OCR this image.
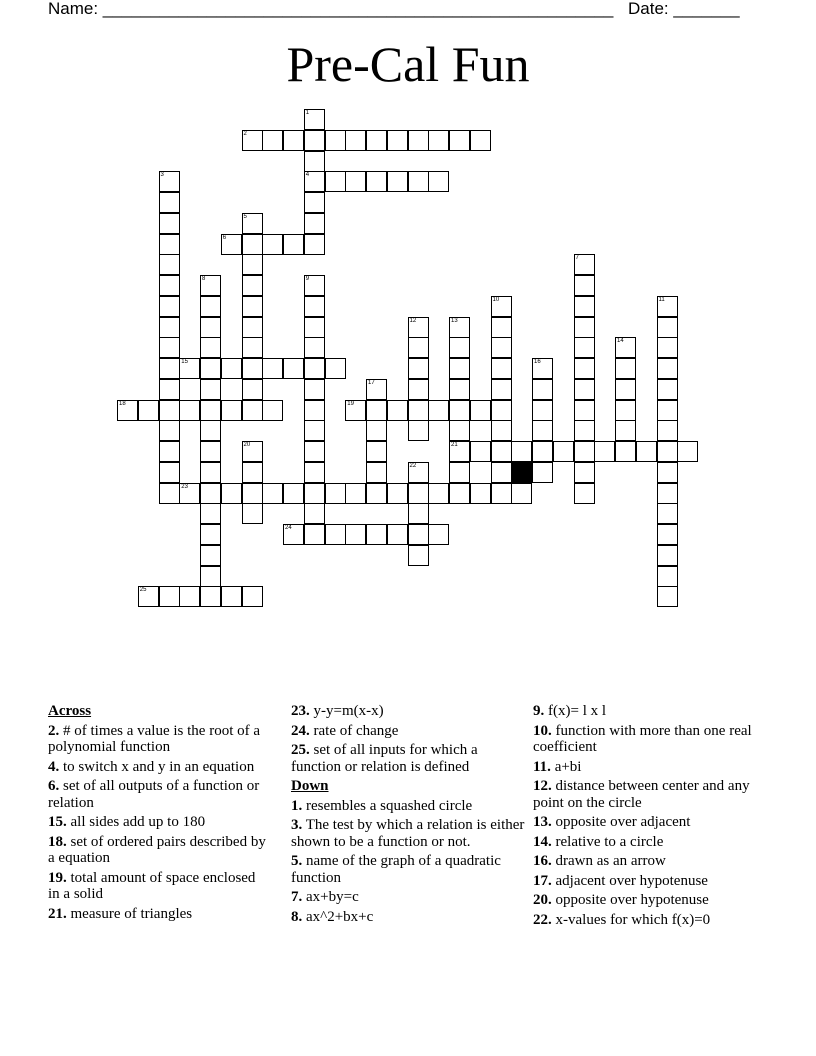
Name: ______________________________________________________ Date: _______
Pre-Cal Fun
1
4
2
3
5
6
7
8	9
10	11
12	13
21
14
15	16
17
18	19
20
22
23
24
25
Across
2. # of times a value is the root of a polynomial function
4. to switch x and y in an equation
6. set of all outputs of a function or relation
15. all sides add up to 180
18. set of ordered pairs described by a equation
19. total amount of space enclosed in a solid
21. measure of triangles
23. y-y=m(x-x)
24. rate of change
25. set of all inputs for which a function or relation is defined
Down
1. resembles a squashed circle
3. The test by which a relation is either shown to be a function or not.
5. name of the graph of a quadratic function
7. ax+by=c
8. ax^2+bx+c
9. f(x)= l x l
10. function with more than one real coefficient
11. a+bi
12. distance between center and any point on the circle
13. opposite over adjacent
14. relative to a circle
16. drawn as an arrow
17. adjacent over hypotenuse
20. opposite over hypotenuse
22. x-values for which f(x)=0
